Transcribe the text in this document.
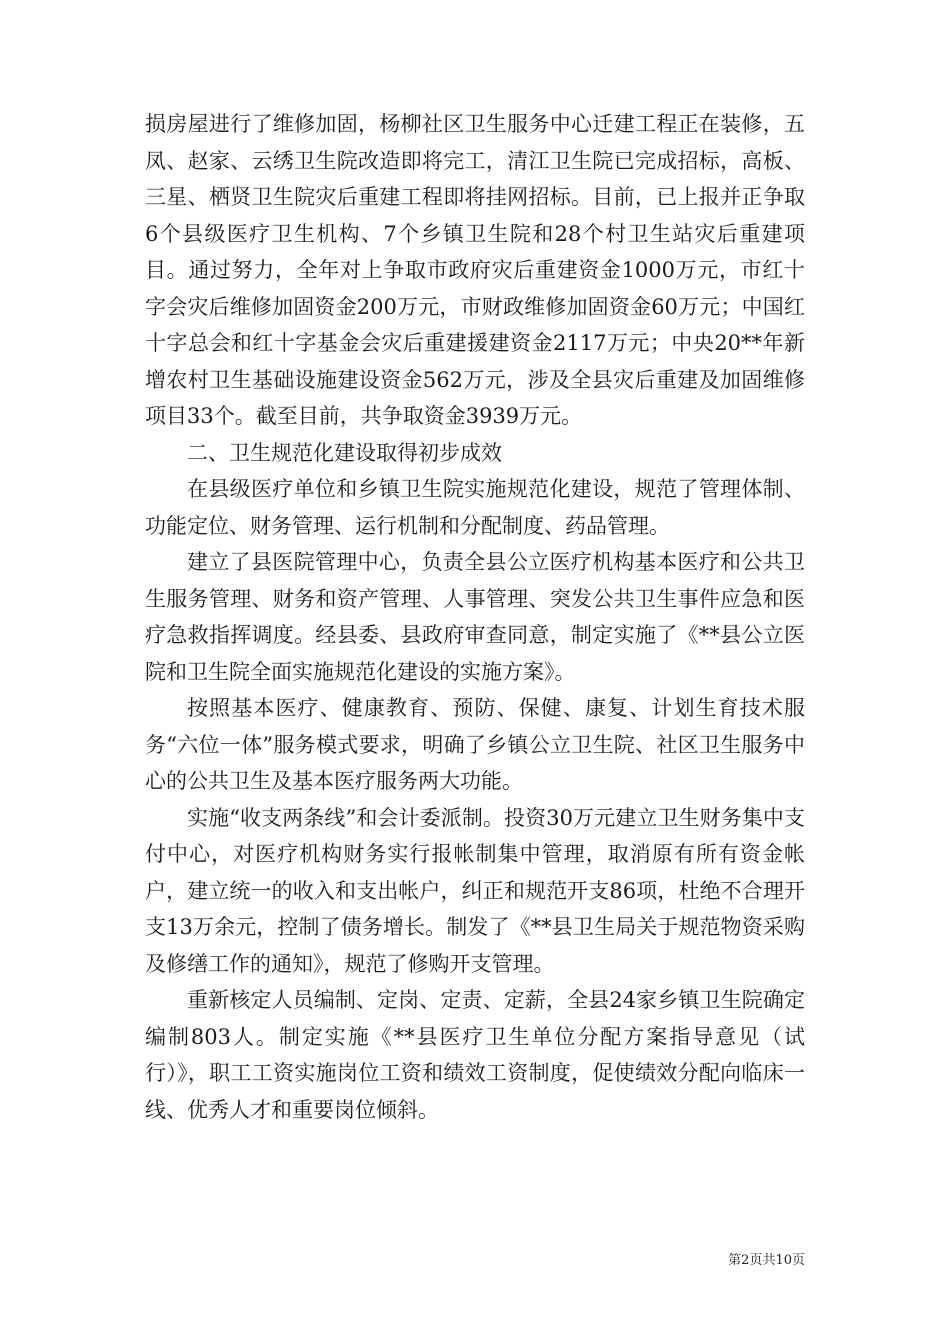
损房屋进行了维修加固，杨柳社区卫生服务中心迁建工程正在装修，五凤、赵家、云绣卫生院改造即将完工，清江卫生院已完成招标，高板、三星、栖贤卫生院灾后重建工程即将挂网招标。目前，已上报并正争取6个县级医疗卫生机构、7个乡镇卫生院和28个村卫生站灾后重建项目。通过努力，全年对上争取市政府灾后重建资金1000万元，市红十字会灾后维修加固资金200万元，市财政维修加固资金60万元；中国红十字总会和红十字基金会灾后重建援建资金2117万元；中央20**年新增农村卫生基础设施建设资金562万元，涉及全县灾后重建及加固维修项目33个。截至目前，共争取资金3939万元。

二、卫生规范化建设取得初步成效

在县级医疗单位和乡镇卫生院实施规范化建设，规范了管理体制、功能定位、财务管理、运行机制和分配制度、药品管理。

建立了县医院管理中心，负责全县公立医疗机构基本医疗和公共卫生服务管理、财务和资产管理、人事管理、突发公共卫生事件应急和医疗急救指挥调度。经县委、县政府审查同意，制定实施了《**县公立医院和卫生院全面实施规范化建设的实施方案》。

按照基本医疗、健康教育、预防、保健、康复、计划生育技术服务“六位一体”服务模式要求，明确了乡镇公立卫生院、社区卫生服务中心的公共卫生及基本医疗服务两大功能。

实施“收支两条线”和会计委派制。投资30万元建立卫生财务集中支付中心，对医疗机构财务实行报帐制集中管理，取消原有所有资金帐户，建立统一的收入和支出帐户，纠正和规范开支86项，杜绝不合理开支13万余元，控制了债务增长。制发了《**县卫生局关于规范物资采购及修缮工作的通知》，规范了修购开支管理。

重新核定人员编制、定岗、定责、定薪，全县24家乡镇卫生院确定编制803人。制定实施《**县医疗卫生单位分配方案指导意见（试行）》，职工工资实施岗位工资和绩效工资制度，促使绩效分配向临床一线、优秀人才和重要岗位倾斜。

第2页共10页
